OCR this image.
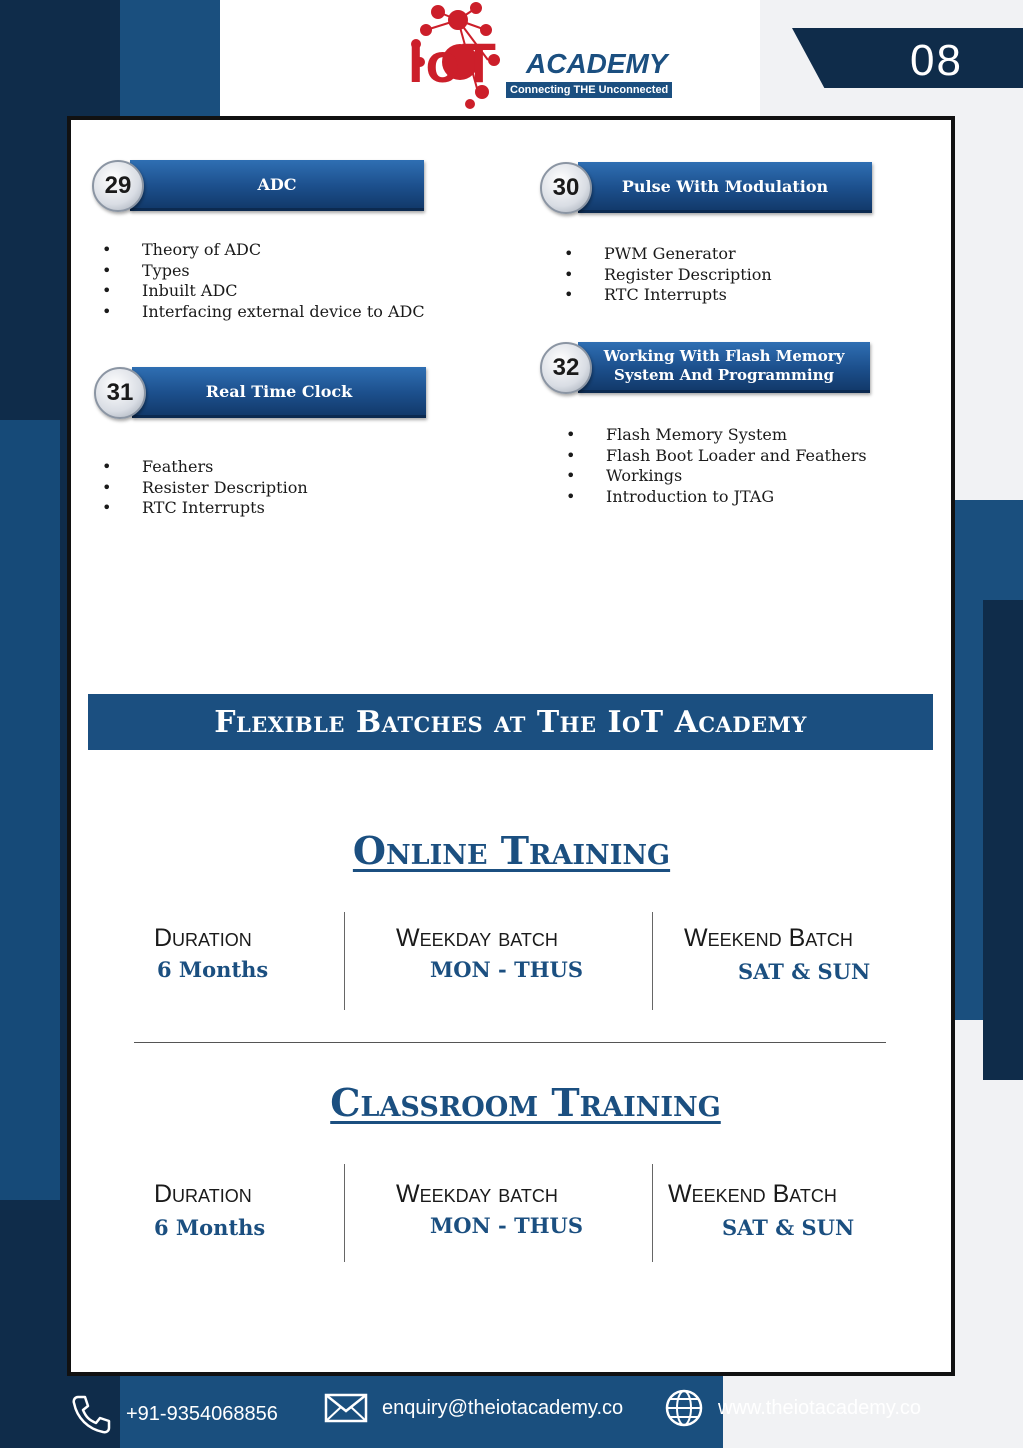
IoT ACADEMY
Connecting THE Unconnected
08
ADC
29
• Theory of ADC
• Types
• Inbuilt ADC
• Interfacing external device to ADC
Pulse With Modulation
30
• PWM Generator
• Register Description
• RTC Interrupts
Real Time Clock
31
• Feathers
• Resister Description
• RTC Interrupts
Working With Flash Memory
System And Programming
32
• Flash Memory System
• Flash Boot Loader and Feathers
• Workings
• Introduction to JTAG
Flexible Batches at The IoT Academy
Online Training
Duration
6 Months
Weekday batch
MON - THUS
Weekend Batch
SAT & SUN
Classroom Training
Duration
6 Months
Weekday batch
MON - THUS
Weekend Batch
SAT & SUN
+91-9354068856	enquiry@theiotacademy.co	www.theiotacademy.co
